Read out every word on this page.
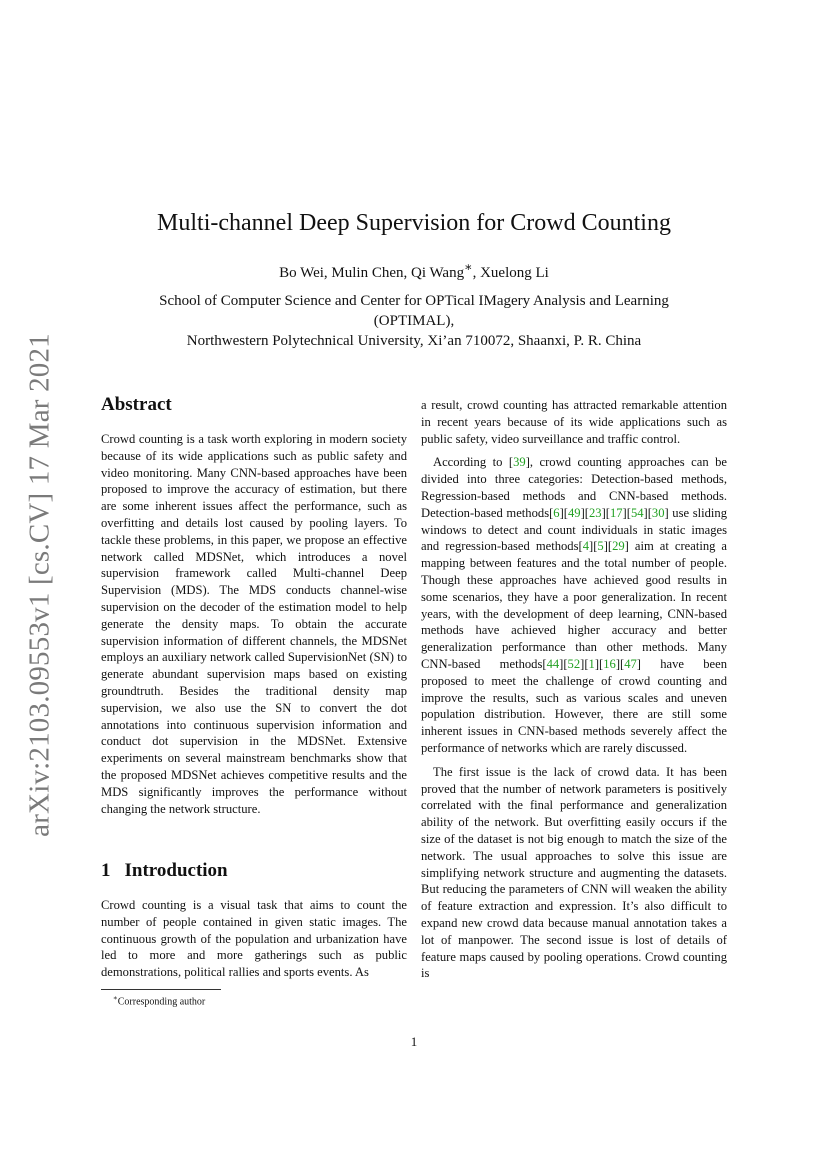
arXiv:2103.09553v1 [cs.CV] 17 Mar 2021
Multi-channel Deep Supervision for Crowd Counting
Bo Wei, Mulin Chen, Qi Wang∗, Xuelong Li
School of Computer Science and Center for OPTical IMagery Analysis and Learning
(OPTIMAL),
Northwestern Polytechnical University, Xi’an 710072, Shaanxi, P. R. China
Abstract

Crowd counting is a task worth exploring in modern society because of its wide applications such as public safety and video monitoring. Many CNN-based approaches have been proposed to improve the accuracy of estimation, but there are some inherent issues affect the performance, such as overfitting and details lost caused by pooling layers. To tackle these problems, in this paper, we propose an effective network called MDSNet, which introduces a novel supervision framework called Multi-channel Deep Supervision (MDS). The MDS conducts channel-wise supervision on the decoder of the estimation model to help generate the density maps. To obtain the accurate supervision information of different channels, the MDSNet employs an auxiliary network called SupervisionNet (SN) to generate abundant supervision maps based on existing groundtruth. Besides the traditional density map supervision, we also use the SN to convert the dot annotations into continuous supervision information and conduct dot supervision in the MDSNet. Extensive experiments on several mainstream benchmarks show that the proposed MDSNet achieves competitive results and the MDS significantly improves the performance without changing the network structure.

1 Introduction

Crowd counting is a visual task that aims to count the number of people contained in given static images. The continuous growth of the population and urbanization have led to more and more gatherings such as public demonstrations, political rallies and sports events. As

a result, crowd counting has attracted remarkable attention in recent years because of its wide applications such as public safety, video surveillance and traffic control.

According to [39], crowd counting approaches can be divided into three categories: Detection-based methods, Regression-based methods and CNN-based methods. Detection-based methods[6][49][23][17][54][30] use sliding windows to detect and count individuals in static images and regression-based methods[4][5][29] aim at creating a mapping between features and the total number of people. Though these approaches have achieved good results in some scenarios, they have a poor generalization. In recent years, with the development of deep learning, CNN-based methods have achieved higher accuracy and better generalization performance than other methods. Many CNN-based methods[44][52][1][16][47] have been proposed to meet the challenge of crowd counting and improve the results, such as various scales and uneven population distribution. However, there are still some inherent issues in CNN-based methods severely affect the performance of networks which are rarely discussed.

The first issue is the lack of crowd data. It has been proved that the number of network parameters is positively correlated with the final performance and generalization ability of the network. But overfitting easily occurs if the size of the dataset is not big enough to match the size of the network. The usual approaches to solve this issue are simplifying network structure and augmenting the datasets. But reducing the parameters of CNN will weaken the ability of feature extraction and expression. It’s also difficult to expand new crowd data because manual annotation takes a lot of manpower. The second issue is lost of details of feature maps caused by pooling operations. Crowd counting is

∗Corresponding author
1
